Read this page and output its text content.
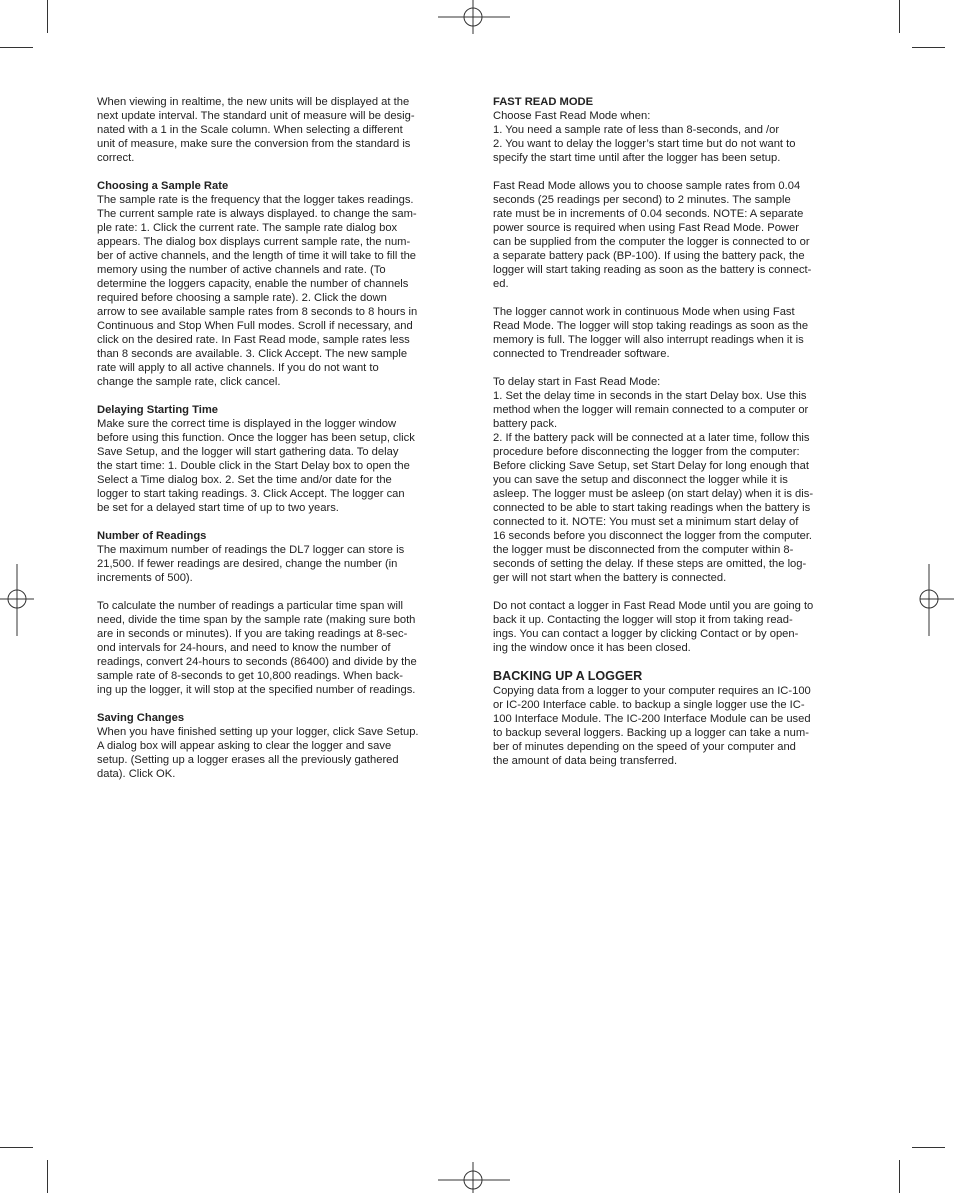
When viewing in realtime, the new units will be displayed at the
next update interval. The standard unit of measure will be desig-
nated with a 1 in the Scale column. When selecting a different
unit of measure, make sure the conversion from the standard is
correct.
Choosing a Sample Rate
The sample rate is the frequency that the logger takes readings.
The current sample rate is always displayed. to change the sam-
ple rate: 1. Click the current rate. The sample rate dialog box
appears. The dialog box displays current sample rate, the num-
ber of active channels, and the length of time it will take to fill the
memory using the number of active channels and rate. (To
determine the loggers capacity, enable the number of channels
required before choosing a sample rate). 2. Click the down
arrow to see available sample rates from 8 seconds to 8 hours in
Continuous and Stop When Full modes. Scroll if necessary, and
click on the desired rate. In Fast Read mode, sample rates less
than 8 seconds are available. 3. Click Accept. The new sample
rate will apply to all active channels. If you do not want to
change the sample rate, click cancel.
Delaying Starting Time
Make sure the correct time is displayed in the logger window
before using this function. Once the logger has been setup, click
Save Setup, and the logger will start gathering data. To delay
the start time: 1. Double click in the Start Delay box to open the
Select a Time dialog box. 2. Set the time and/or date for the
logger to start taking readings. 3. Click Accept. The logger can
be set for a delayed start time of up to two years.
Number of Readings
The maximum number of readings the DL7 logger can store is
21,500. If fewer readings are desired, change the number (in
increments of 500).
To calculate the number of readings a particular time span will
need, divide the time span by the sample rate (making sure both
are in seconds or minutes). If you are taking readings at 8-sec-
ond intervals for 24-hours, and need to know the number of
readings, convert 24-hours to seconds (86400) and divide by the
sample rate of 8-seconds to get 10,800 readings. When back-
ing up the logger, it will stop at the specified number of readings.
Saving Changes
When you have finished setting up your logger, click Save Setup.
A dialog box will appear asking to clear the logger and save
setup. (Setting up a logger erases all the previously gathered
data). Click OK.
FAST READ MODE
Choose Fast Read Mode when:
1. You need a sample rate of less than 8-seconds, and /or
2. You want to delay the logger’s start time but do not want to
specify the start time until after the logger has been setup.
Fast Read Mode allows you to choose sample rates from 0.04
seconds (25 readings per second) to 2 minutes. The sample
rate must be in increments of 0.04 seconds. NOTE: A separate
power source is required when using Fast Read Mode. Power
can be supplied from the computer the logger is connected to or
a separate battery pack (BP-100). If using the battery pack, the
logger will start taking reading as soon as the battery is connect-
ed.
The logger cannot work in continuous Mode when using Fast
Read Mode. The logger will stop taking readings as soon as the
memory is full. The logger will also interrupt readings when it is
connected to Trendreader software.
To delay start in Fast Read Mode:
1. Set the delay time in seconds in the start Delay box. Use this
method when the logger will remain connected to a computer or
battery pack.
2. If the battery pack will be connected at a later time, follow this
procedure before disconnecting the logger from the computer:
Before clicking Save Setup, set Start Delay for long enough that
you can save the setup and disconnect the logger while it is
asleep. The logger must be asleep (on start delay) when it is dis-
connected to be able to start taking readings when the battery is
connected to it. NOTE: You must set a minimum start delay of
16 seconds before you disconnect the logger from the computer.
the logger must be disconnected from the computer within 8-
seconds of setting the delay. If these steps are omitted, the log-
ger will not start when the battery is connected.
Do not contact a logger in Fast Read Mode until you are going to
back it up. Contacting the logger will stop it from taking read-
ings. You can contact a logger by clicking Contact or by open-
ing the window once it has been closed.
BACKING UP A LOGGER
Copying data from a logger to your computer requires an IC-100
or IC-200 Interface cable. to backup a single logger use the IC-
100 Interface Module. The IC-200 Interface Module can be used
to backup several loggers. Backing up a logger can take a num-
ber of minutes depending on the speed of your computer and
the amount of data being transferred.
